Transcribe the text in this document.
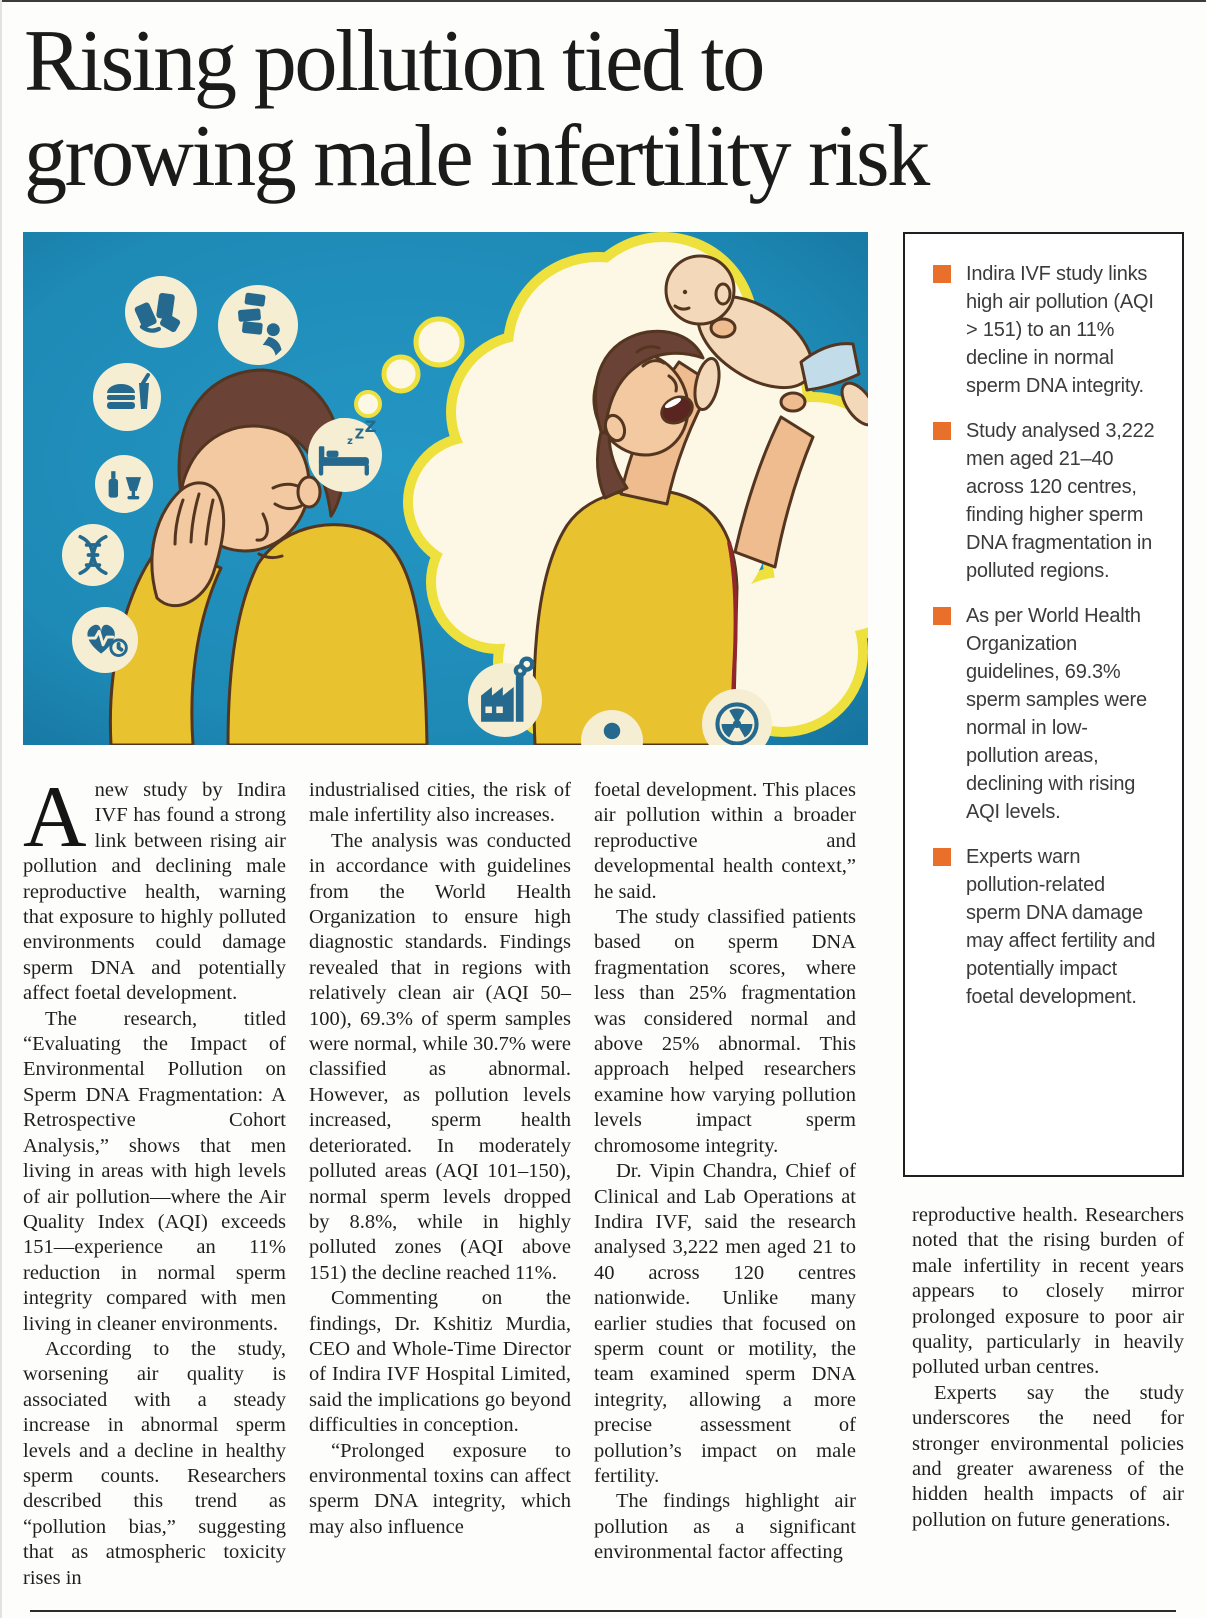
Rising pollution tied to
growing male infertility risk
Indira IVF study links high air pollution (AQI > 151) to an 11% decline in normal sperm DNA integrity.
Study analysed 3,222 men aged 21–40 across 120 centres, finding higher sperm DNA fragmentation in polluted regions.
As per World Health Organization guidelines, 69.3% sperm samples were normal in low-pollution areas, declining with rising AQI levels.
Experts warn pollution-related sperm DNA damage may affect fertility and potentially impact foetal development.

Anew study by Indira IVF has found a strong link between rising air pollution and declining male reproductive health, warning that exposure to highly polluted environments could damage sperm DNA and potentially affect foetal development.

The research, titled “Evaluating the Impact of Environmental Pollution on Sperm DNA Fragmentation: A Retrospective Cohort Analysis,” shows that men living in areas with high levels of air pollution—where the Air Quality Index (AQI) exceeds 151—experience an 11% reduction in normal sperm integrity compared with men living in cleaner environments.

According to the study, worsening air quality is associated with a steady increase in abnormal sperm levels and a decline in healthy sperm counts. Researchers described this trend as “pollution bias,” suggesting that as atmospheric toxicity rises in

industrialised cities, the risk of male infertility also increases.

The analysis was conducted in accordance with guidelines from the World Health Organization to ensure high diagnostic standards. Findings revealed that in regions with relatively clean air (AQI 50–100), 69.3% of sperm samples were normal, while 30.7% were classified as abnormal. However, as pollution levels increased, sperm health deteriorated. In moderately polluted areas (AQI 101–150), normal sperm levels dropped by 8.8%, while in highly polluted zones (AQI above 151) the decline reached 11%.

Commenting on the findings, Dr. Kshitiz Murdia, CEO and Whole-Time Director of Indira IVF Hospital Limited, said the implications go beyond difficulties in conception.

“Prolonged exposure to environmental toxins can affect sperm DNA integrity, which may also influence

foetal development. This places air pollution within a broader reproductive and developmental health context,” he said.

The study classified patients based on sperm DNA fragmentation scores, where less than 25% fragmentation was considered normal and above 25% abnormal. This approach helped researchers examine how varying pollution levels impact sperm chromosome integrity.

Dr. Vipin Chandra, Chief of Clinical and Lab Operations at Indira IVF, said the research analysed 3,222 men aged 21 to 40 across 120 centres nationwide. Unlike many earlier studies that focused on sperm count or motility, the team examined sperm DNA integrity, allowing a more precise assessment of pollution’s impact on male fertility.

The findings highlight air pollution as a significant environmental factor affecting

reproductive health. Researchers noted that the rising burden of male infertility in recent years appears to closely mirror prolonged exposure to poor air quality, particularly in heavily polluted urban centres.

Experts say the study underscores the need for stronger environmental policies and greater awareness of the hidden health impacts of air pollution on future generations.
